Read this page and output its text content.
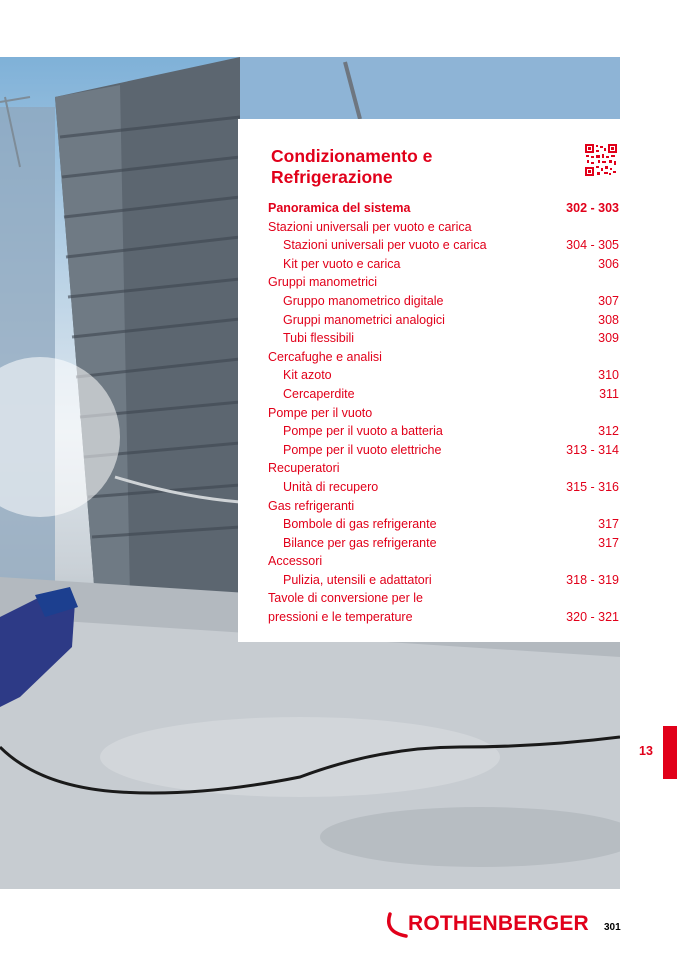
Condizionamento e Refrigerazione
Panoramica del sistema	302 - 303
Stazioni universali per vuoto e carica
Stazioni universali per vuoto e carica	304 - 305
Kit per vuoto e carica	306
Gruppi manometrici
Gruppo manometrico digitale	307
Gruppi manometrici analogici	308
Tubi flessibili	309
Cercafughe e analisi
Kit azoto	310
Cercaperdite	311
Pompe per il vuoto
Pompe per il vuoto a batteria	312
Pompe per il vuoto elettriche	313 - 314
Recuperatori
Unità di recupero	315 - 316
Gas refrigeranti
Bombole di gas refrigerante	317
Bilance per gas refrigerante	317
Accessori
Pulizia, utensili e adattatori	318 - 319
Tavole di conversione per le
pressioni e le temperature	320 - 321
13
ROTHENBERGER 301
